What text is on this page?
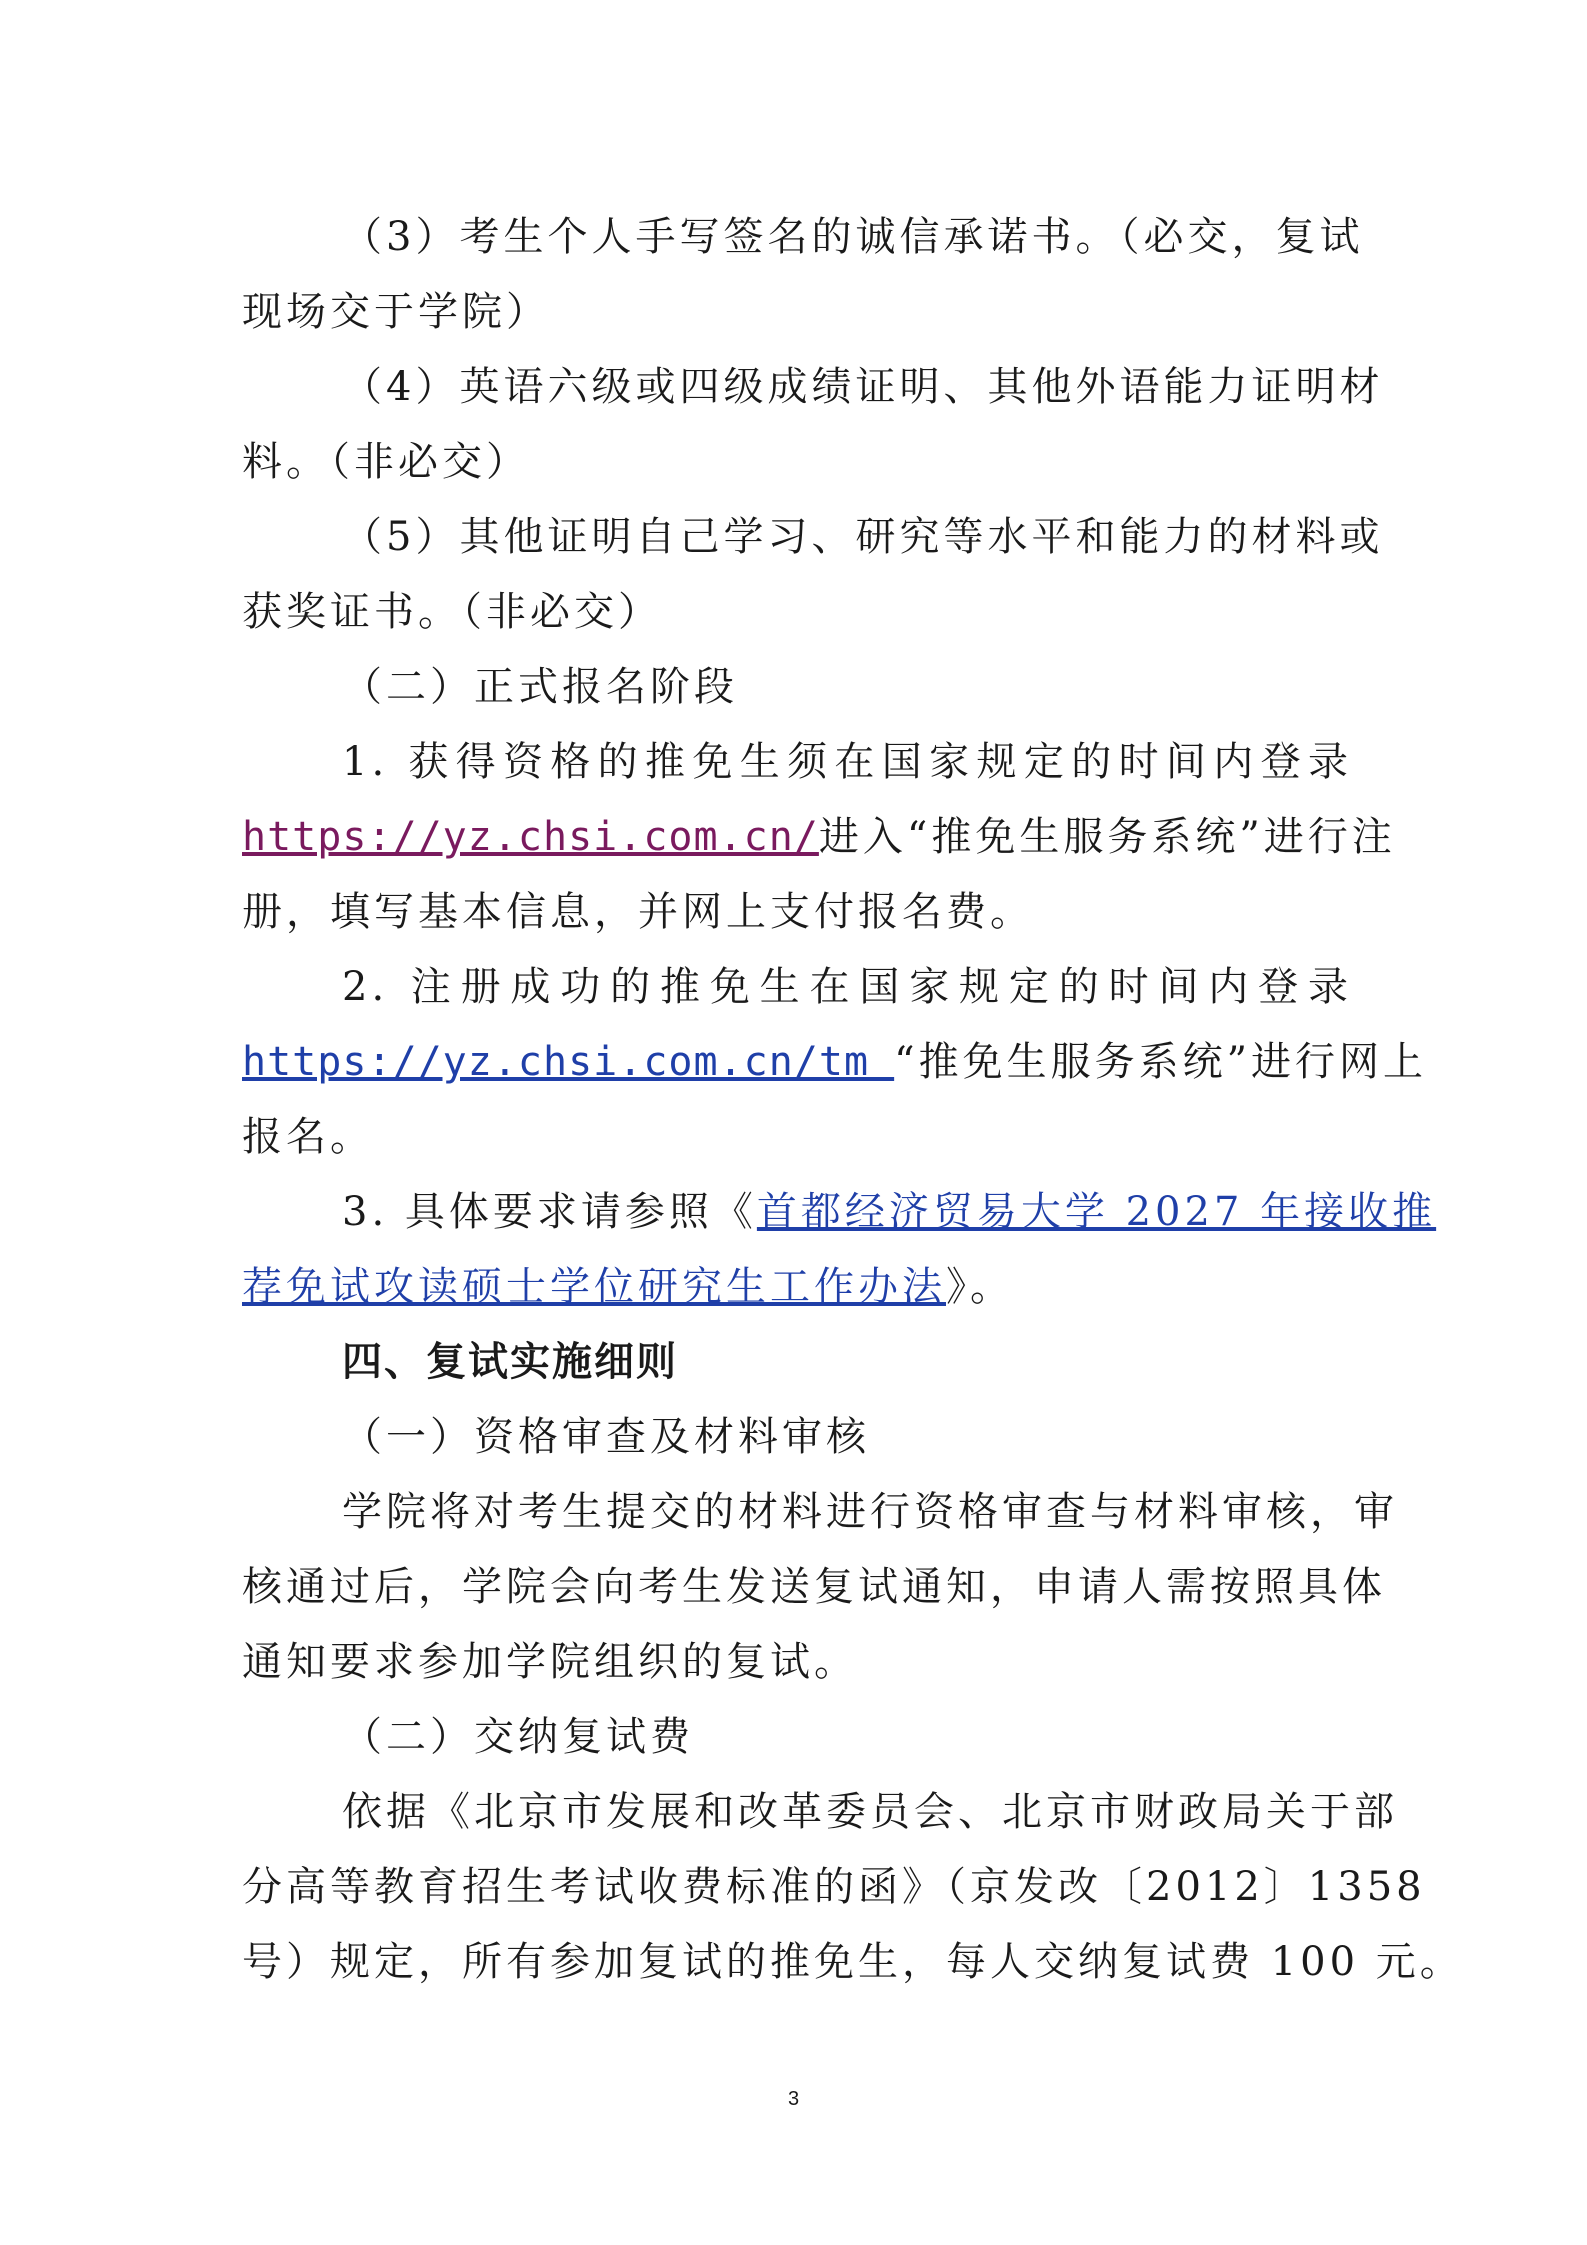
（3）考生个人手写签名的诚信承诺书。（必交，复试
现场交于学院）
（4）英语六级或四级成绩证明、其他外语能力证明材
料。（非必交）
（5）其他证明自己学习、研究等水平和能力的材料或
获奖证书。（非必交）
（二）正式报名阶段
1. 获得资格的推免生须在国家规定的时间内登录
https://yz.chsi.com.cn/进入“推免生服务系统”进行注
册，填写基本信息，并网上支付报名费。
2. 注册成功的推免生在国家规定的时间内登录
https://yz.chsi.com.cn/tm “推免生服务系统”进行网上
报名。
3. 具体要求请参照《首都经济贸易大学 2027 年接收推
荐免试攻读硕士学位研究生工作办法》。
四、复试实施细则
（一）资格审查及材料审核
学院将对考生提交的材料进行资格审查与材料审核，审
核通过后，学院会向考生发送复试通知，申请人需按照具体
通知要求参加学院组织的复试。
（二）交纳复试费
依据《北京市发展和改革委员会、北京市财政局关于部
分高等教育招生考试收费标准的函》（京发改〔2012〕1358
号）规定，所有参加复试的推免生，每人交纳复试费 100 元。
3
